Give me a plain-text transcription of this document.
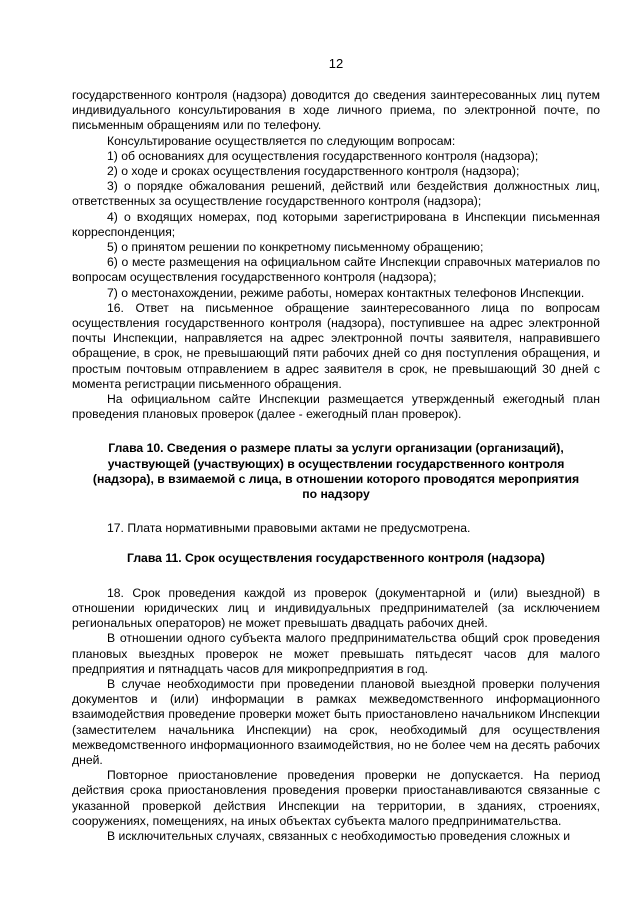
12

государственного контроля (надзора) доводится до сведения заинтересованных лиц путем индивидуального консультирования в ходе личного приема, по электронной почте, по письменным обращениям или по телефону.

Консультирование осуществляется по следующим вопросам:

1) об основаниях для осуществления государственного контроля (надзора);

2) о ходе и сроках осуществления государственного контроля (надзора);

3) о порядке обжалования решений, действий или бездействия должностных лиц, ответственных за осуществление государственного контроля (надзора);

4) о входящих номерах, под которыми зарегистрирована в Инспекции письменная корреспонденция;

5) о принятом решении по конкретному письменному обращению;

6) о месте размещения на официальном сайте Инспекции справочных материалов по вопросам осуществления государственного контроля (надзора);

7) о местонахождении, режиме работы, номерах контактных телефонов Инспекции.

16. Ответ на письменное обращение заинтересованного лица по вопросам осуществления государственного контроля (надзора), поступившее на адрес электронной почты Инспекции, направляется на адрес электронной почты заявителя, направившего обращение, в срок, не превышающий пяти рабочих дней со дня поступления обращения, и простым почтовым отправлением в адрес заявителя в срок, не превышающий 30 дней с момента регистрации письменного обращения.

На официальном сайте Инспекции размещается утвержденный ежегодный план проведения плановых проверок (далее - ежегодный план проверок).

Глава 10. Сведения о размере платы за услуги организации (организаций), участвующей (участвующих) в осуществлении государственного контроля (надзора), в взимаемой с лица, в отношении которого проводятся мероприятия по надзору

17. Плата нормативными правовыми актами не предусмотрена.

Глава 11. Срок осуществления государственного контроля (надзора)

18. Срок проведения каждой из проверок (документарной и (или) выездной) в отношении юридических лиц и индивидуальных предпринимателей (за исключением региональных операторов) не может превышать двадцать рабочих дней.

В отношении одного субъекта малого предпринимательства общий срок проведения плановых выездных проверок не может превышать пятьдесят часов для малого предприятия и пятнадцать часов для микропредприятия в год.

В случае необходимости при проведении плановой выездной проверки получения документов и (или) информации в рамках межведомственного информационного взаимодействия проведение проверки может быть приостановлено начальником Инспекции (заместителем начальника Инспекции) на срок, необходимый для осуществления межведомственного информационного взаимодействия, но не более чем на десять рабочих дней.

Повторное приостановление проведения проверки не допускается. На период действия срока приостановления проведения проверки приостанавливаются связанные с указанной проверкой действия Инспекции на территории, в зданиях, строениях, сооружениях, помещениях, на иных объектах субъекта малого предпринимательства.

В исключительных случаях, связанных с необходимостью проведения сложных и
